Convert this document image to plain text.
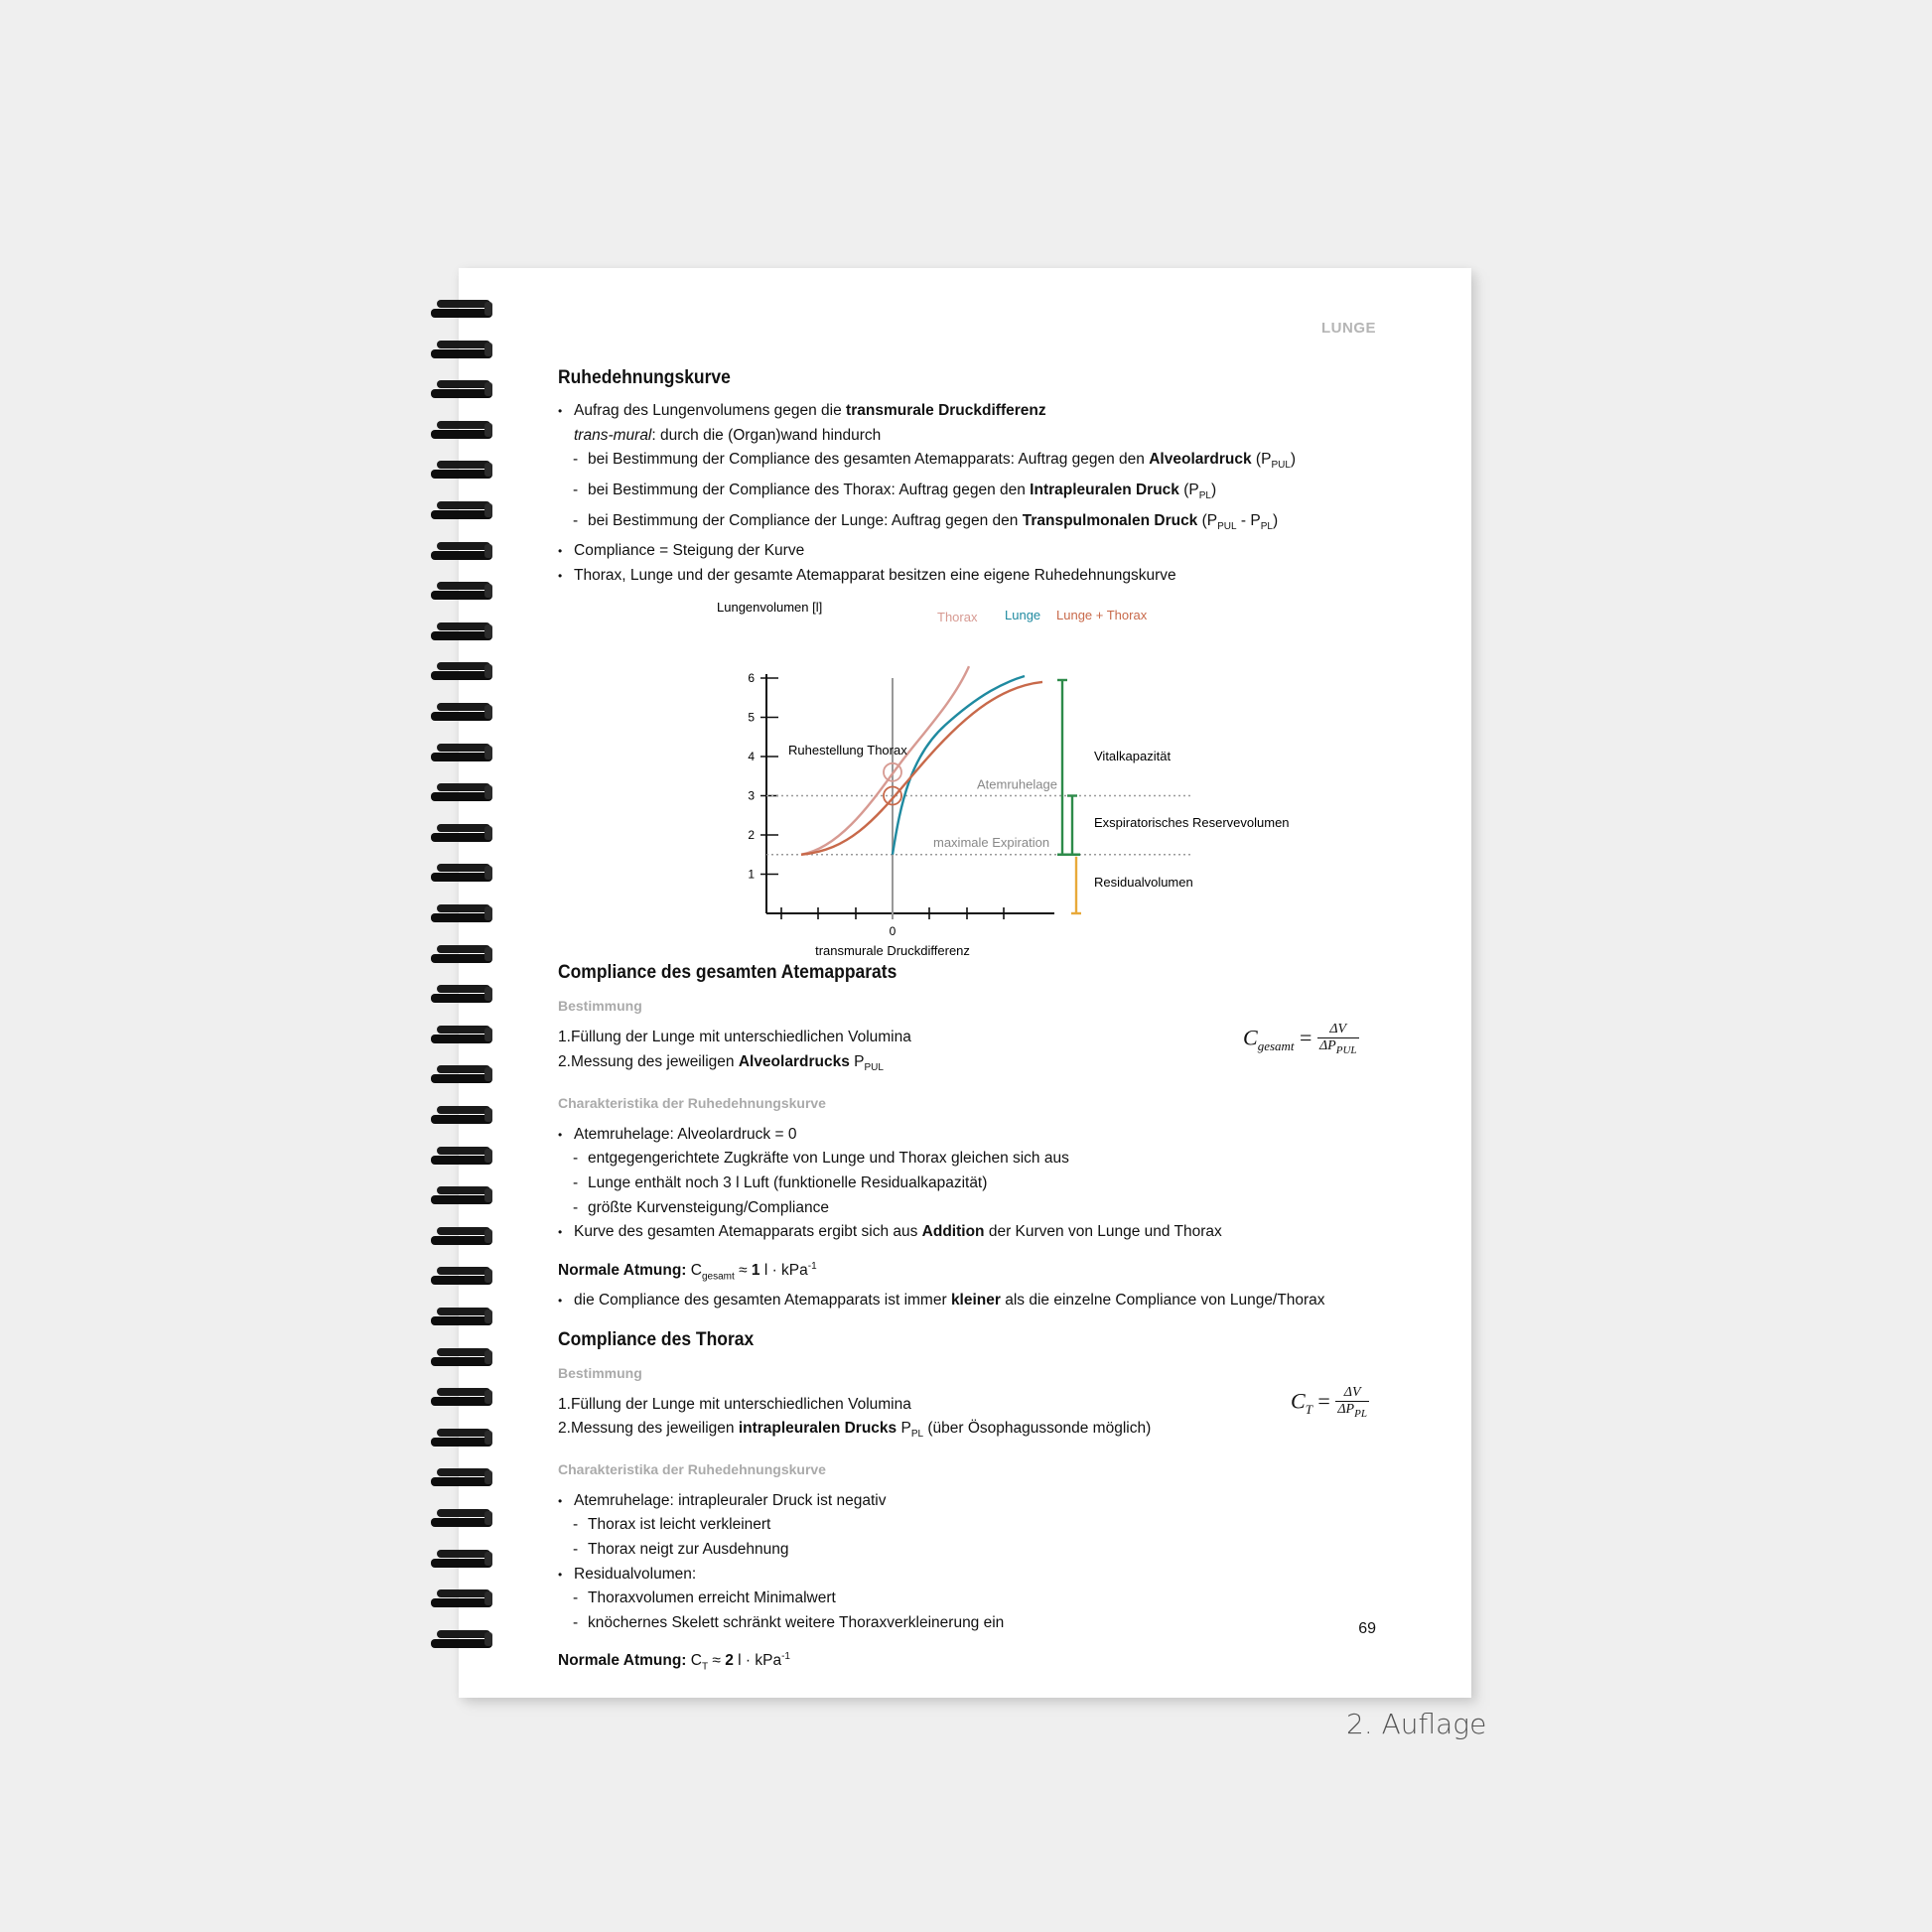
LUNGE
Ruhedehnungskurve
• Aufrag des Lungenvolumens gegen die transmurale Druckdifferenz
trans-mural: durch die (Organ)wand hindurch
- bei Bestimmung der Compliance des gesamten Atemapparats: Auftrag gegen den Alveolardruck $(P_{PUL})$
- bei Bestimmung der Compliance des Thorax: Auftrag gegen den Intrapleuralen Druck $(P_{PL})$
- bei Bestimmung der Compliance der Lunge: Auftrag gegen den Transpulmonalen Druck $(P_{PUL} - P_{PL})$
• Compliance = Steigung der Kurve
• Thorax, Lunge und der gesamte Atemapparat besitzen eine eigene Ruhedehnungskurve
1
2
3
4
5
6
0
transmurale Druckdifferenz
Lungenvolumen [l]
Thorax Lunge Lunge + Thorax
Ruhestellung Thorax
Atemruhelage
maximale Expiration
Vitalkapazität
Exspiratorisches Reservevolumen
Residualvolumen
Compliance des gesamten Atemapparats
Bestimmung
1.Füllung der Lunge mit unterschiedlichen Volumina
2.Messung des jeweiligen Alveolardrucks $P_{PUL}$
$C_{gesamt} = \frac{\Delta V}{\Delta P_{PUL}}$
Charakteristika der Ruhedehnungskurve
• Atemruhelage: Alveolardruck = 0
- entgegengerichtete Zugkräfte von Lunge und Thorax gleichen sich aus
- Lunge enthält noch 3 l Luft (funktionelle Residualkapazität)
- größte Kurvensteigung/Compliance
• Kurve des gesamten Atemapparats ergibt sich aus Addition der Kurven von Lunge und Thorax
Normale Atmung: $C_{gesamt} \approx 1$ l · kPa$^{-1}$
• die Compliance des gesamten Atemapparats ist immer kleiner als die einzelne Compliance von Lunge/Thorax
Compliance des Thorax
Bestimmung
1.Füllung der Lunge mit unterschiedlichen Volumina
2.Messung des jeweiligen intrapleuralen Drucks $P_{PL}$ (über Ösophagussonde möglich)
$C_T = \frac{\Delta V}{\Delta P_{PL}}$
Charakteristika der Ruhedehnungskurve
• Atemruhelage: intrapleuraler Druck ist negativ
- Thorax ist leicht verkleinert
- Thorax neigt zur Ausdehnung
• Residualvolumen:
- Thoraxvolumen erreicht Minimalwert
- knöchernes Skelett schränkt weitere Thoraxverkleinerung ein
Normale Atmung: $C_T \approx 2$ l · kPa$^{-1}$
69
2. Auflage
